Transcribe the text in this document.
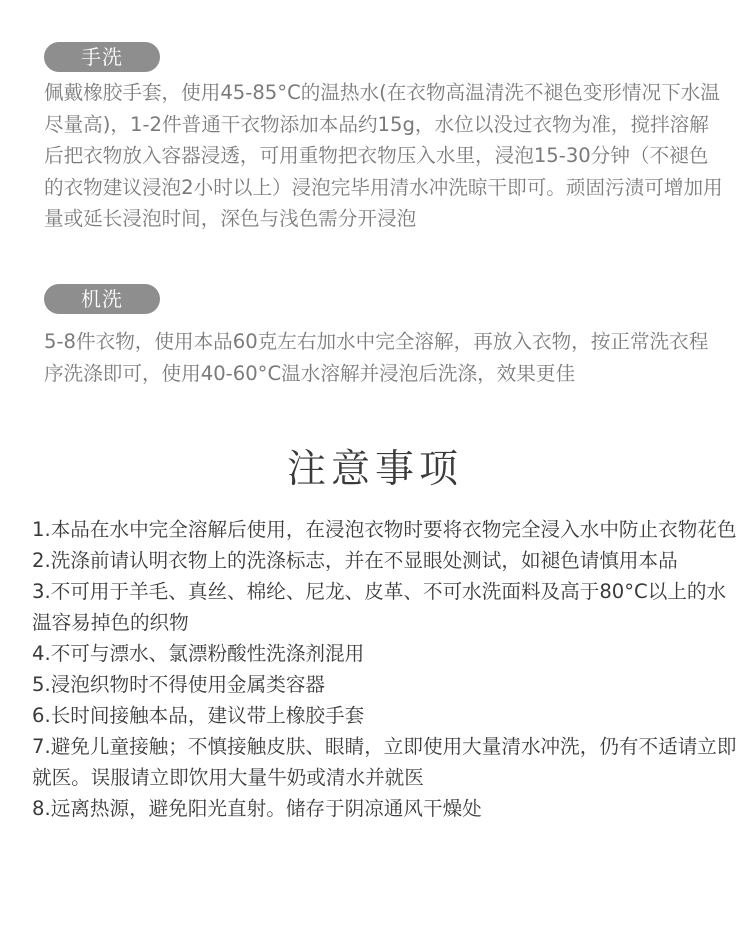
手洗

佩戴橡胶手套，使用45-85°C的温热水(在衣物高温清洗不褪色变形情况下水温尽量高)，1-2件普通干衣物添加本品约15g，水位以没过衣物为准，搅拌溶解后把衣物放入容器浸透，可用重物把衣物压入水里，浸泡15-30分钟（不褪色的衣物建议浸泡2小时以上）浸泡完毕用清水冲洗晾干即可。顽固污渍可增加用量或延长浸泡时间，深色与浅色需分开浸泡

机洗

5-8件衣物，使用本品60克左右加水中完全溶解，再放入衣物，按正常洗衣程序洗涤即可，使用40-60°C温水溶解并浸泡后洗涤，效果更佳

注意事项
1.本品在水中完全溶解后使用，在浸泡衣物时要将衣物完全浸入水中防止衣物花色
2.洗涤前请认明衣物上的洗涤标志，并在不显眼处测试，如褪色请慎用本品
3.不可用于羊毛、真丝、棉纶、尼龙、皮革、不可水洗面料及高于80°C以上的水温容易掉色的织物
4.不可与漂水、氯漂粉酸性洗涤剂混用
5.浸泡织物时不得使用金属类容器
6.长时间接触本品，建议带上橡胶手套
7.避免儿童接触；不慎接触皮肤、眼睛，立即使用大量清水冲洗，仍有不适请立即就医。误服请立即饮用大量牛奶或清水并就医
8.远离热源，避免阳光直射。储存于阴凉通风干燥处
